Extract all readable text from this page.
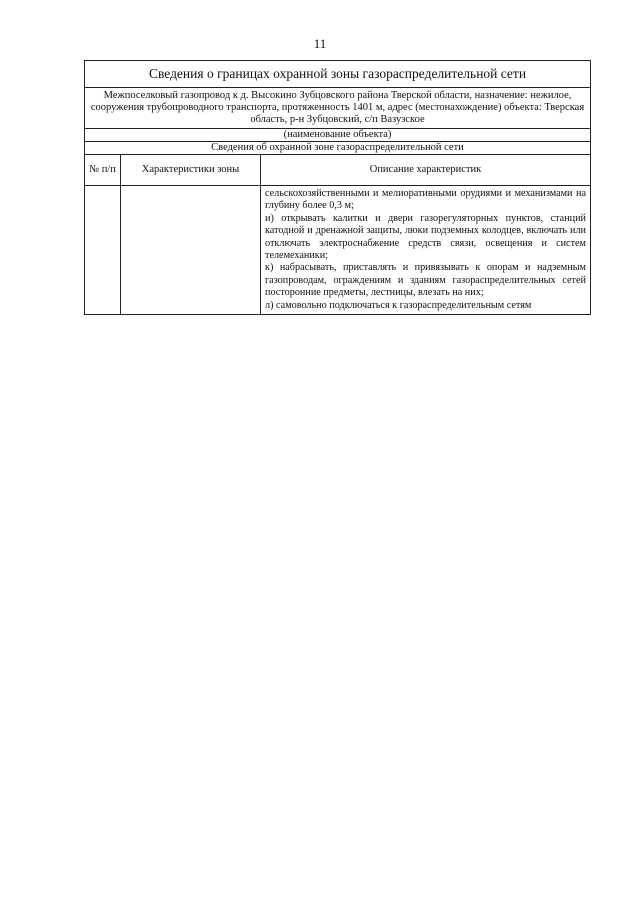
11
Сведения о границах охранной зоны газораспределительной сети		
Межпоселковый газопровод к д. Высокино Зубцовского района Тверской области, назначение: нежилое, сооружения трубопроводного транспорта, протяженность 1401 м, адрес (местонахождение) объекта: Тверская область, р-н Зубцовский, с/п Вазузское		
(наименование объекта)		
Сведения об охранной зоне газораспределительной сети		
№ п/п	Характеристики зоны	Описание характеристик

		сельскохозяйственными и мелиоративными орудиями и механизмами на глубину более 0,3 м;

и) открывать калитки и двери газорегуляторных пунктов, станций катодной и дренажной защиты, люки подземных колодцев, включать или отключать электроснабжение средств связи, освещения и систем телемеханики;

к) набрасывать, приставлять и привязывать к опорам и надземным газопроводам, ограждениям и зданиям газораспределительных сетей посторонние предметы, лестницы, влезать на них;

л) самовольно подключаться к газораспределительным сетям
